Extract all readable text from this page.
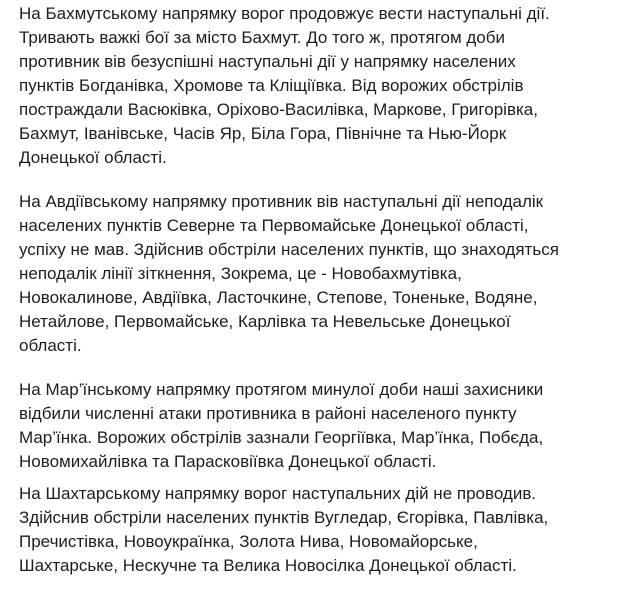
На Бахмутському напрямку ворог продовжує вести наступальні дії.
Тривають важкі бої за місто Бахмут. До того ж, протягом доби
противник вів безуспішні наступальні дії у напрямку населених
пунктів Богданівка, Хромове та Кліщіївка. Від ворожих обстрілів
постраждали Васюківка, Оріхово-Василівка, Маркове, Григорівка,
Бахмут, Іванівське, Часів Яр, Біла Гора, Північне та Нью-Йорк
Донецької області.
На Авдіївському напрямку противник вів наступальні дії неподалік
населених пунктів Северне та Первомайське Донецької області,
успіху не мав. Здійснив обстріли населених пунктів, що знаходяться
неподалік лінії зіткнення, Зокрема, це - Новобахмутівка,
Новокалинове, Авдіївка, Ласточкине, Степове, Тоненьке, Водяне,
Нетайлове, Первомайське, Карлівка та Невельське Донецької
області.
На Мар’їнському напрямку протягом минулої доби наші захисники
відбили численні атаки противника в районі населеного пункту
Мар’їнка. Ворожих обстрілів зазнали Георгіївка, Мар’їнка, Побєда,
Новомихайлівка та Парасковіївка Донецької області.
На Шахтарському напрямку ворог наступальних дій не проводив.
Здійснив обстріли населених пунктів Вугледар, Єгорівка, Павлівка,
Пречистівка, Новоукраїнка, Золота Нива, Новомайорське,
Шахтарське, Нескучне та Велика Новосілка Донецької області.
